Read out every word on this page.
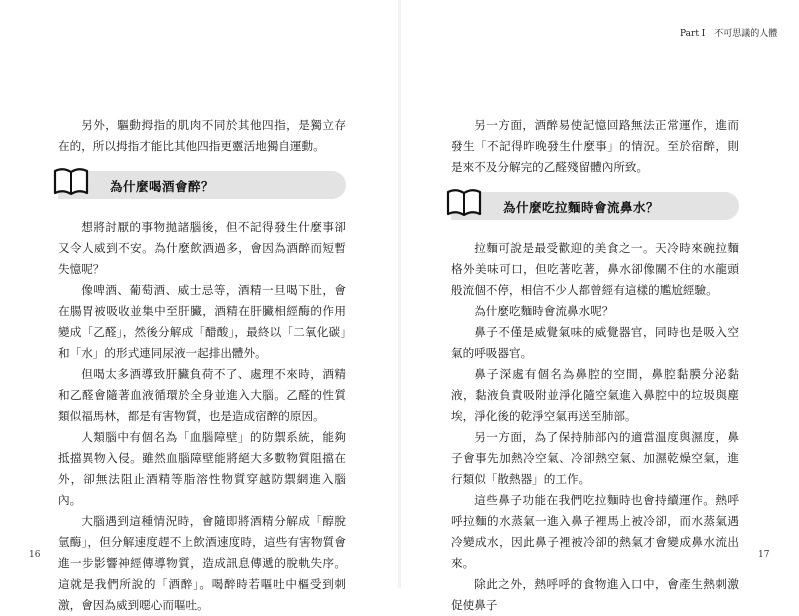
Part I 不可思議的人體

另外，驅動拇指的肌肉不同於其他四指，是獨立存在的，所以拇指才能比其他四指更靈活地獨自運動。

為什麼喝酒會醉？

想將討厭的事物拋諸腦後，但不記得發生什麼事卻又令人威到不安。為什麼飲酒過多，會因為酒醉而短暫失憶呢？

像啤酒、葡萄酒、威士忌等，酒精一旦喝下肚，會在腸胃被吸收並集中至肝臟，酒精在肝臟相經酶的作用變成「乙醛」，然後分解成「醋酸」，最終以「二氧化碳」和「水」的形式連同尿液一起排出體外。

但喝太多酒導致肝臟負荷不了、處理不來時，酒精和乙醛會隨著血液循環於全身並進入大腦。乙醛的性質類似福馬林，都是有害物質，也是造成宿醉的原因。

人類腦中有個名為「血腦障壁」的防禦系統，能夠抵擋異物入侵。雖然血腦障壁能將絕大多數物質阻擋在外，卻無法阻止酒精等脂溶性物質穿越防禦網進入腦內。

大腦遇到這種情況時，會隨即將酒精分解成「醇脫氫酶」，但分解速度趕不上飲酒速度時，這些有害物質會進一步影響神經傳導物質，造成訊息傳遞的脫軌失序。這就是我們所說的「酒醉」。喝醉時若嘔吐中樞受到刺激，會因為威到噁心而嘔吐。

另一方面，酒醉易使記憶回路無法正常運作，進而發生「不記得昨晚發生什麼事」的情況。至於宿醉，則是來不及分解完的乙醛殘留體內所致。

為什麼吃拉麵時會流鼻水？

拉麵可說是最受歡迎的美食之一。天冷時來碗拉麵格外美味可口，但吃著吃著，鼻水卻像關不住的水龍頭般流個不停，相信不少人都曾經有這樣的尷尬經驗。

為什麼吃麵時會流鼻水呢？

鼻子不僅是威覺氣味的威覺器官，同時也是吸入空氣的呼吸器官。

鼻子深處有個名為鼻腔的空間，鼻腔黏膜分泌黏液，黏液負責吸附並淨化隨空氣進入鼻腔中的垃圾與塵埃，淨化後的乾淨空氣再送至肺部。

另一方面，為了保持肺部內的適當溫度與濕度，鼻子會事先加熱冷空氣、冷卻熱空氣、加濕乾燥空氣，進行類似「散熱器」的工作。

這些鼻子功能在我們吃拉麵時也會持續運作。熱呼呼拉麵的水蒸氣一進入鼻子裡馬上被冷卻，而水蒸氣遇冷變成水，因此鼻子裡被冷卻的熱氣才會變成鼻水流出來。

除此之外，熱呼呼的食物進入口中，會產生熱刺激促使鼻子

16	17
